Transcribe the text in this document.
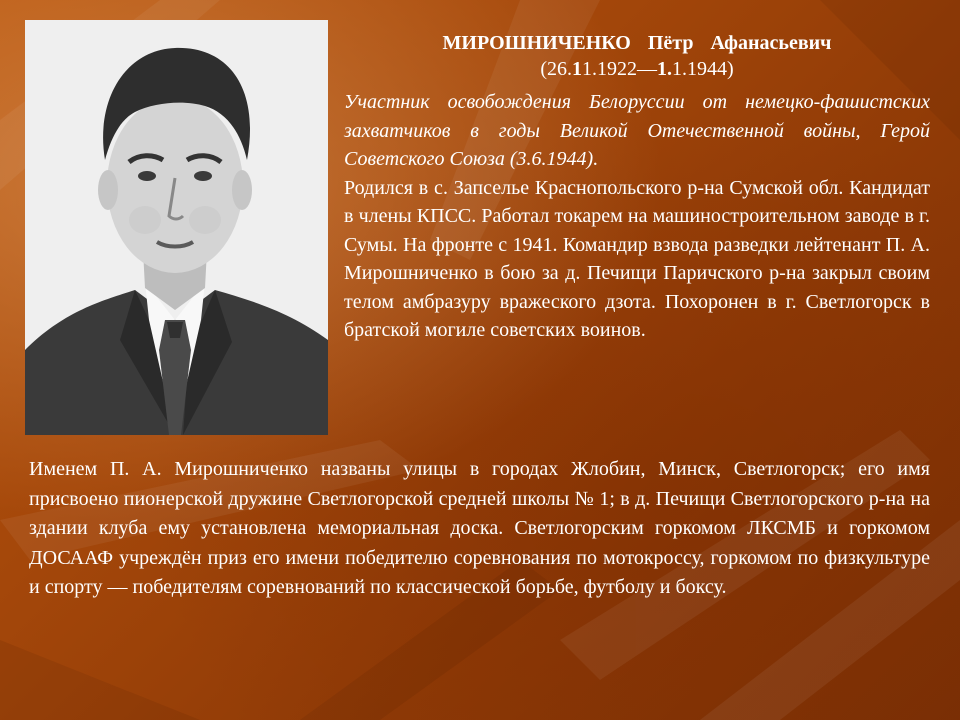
МИРОШНИЧЕНКО Пётр Афанасьевич
(26.11.1922—1.1.1944)

Участник освобождения Белоруссии от немецко-фашистских захватчиков в годы Великой Отечественной войны, Герой Советского Союза (3.6.1944).

Родился в с. Запселье Краснопольского р-на Сумской обл. Кандидат в члены КПСС. Работал токарем на машиностроительном заводе в г. Сумы. На фронте с 1941. Командир взвода разведки лейтенант П. А. Мирошниченко в бою за д. Печищи Паричского р-на закрыл своим телом амбразуру вражеского дзота. Похоронен в г. Светлогорск в братской могиле советских воинов.

Именем П. А. Мирошниченко названы улицы в городах Жлобин, Минск, Светлогорск; его имя присвоено пионерской дружине Светлогорской средней школы № 1; в д. Печищи Светлогорского р-на на здании клуба ему установлена мемориальная доска. Светлогорским горкомом ЛКСМБ и горкомом ДОСААФ учреждён приз его имени победителю соревнования по мотокроссу, горкомом по физкультуре и спорту — победителям соревнований по классической борьбе, футболу и боксу.
